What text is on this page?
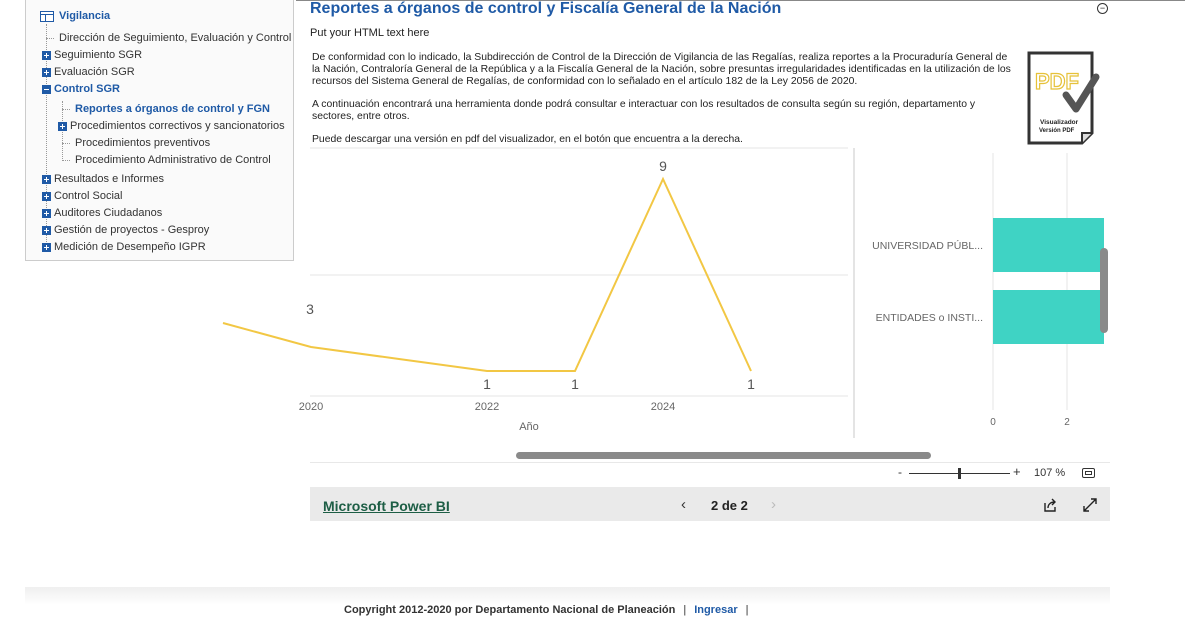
Vigilancia
Dirección de Seguimiento, Evaluación y Control
Seguimiento SGR
Evaluación SGR
Control SGR
Reportes a órganos de control y FGN
Procedimientos correctivos y sancionatorios
Procedimientos preventivos
Procedimiento Administrativo de Control
Resultados e Informes
Control Social
Auditores Ciudadanos
Gestión de proyectos - Gesproy
Medición de Desempeño IGPR
Reportes a órganos de control y Fiscalía General de la Nación	−
Put your HTML text here
De conformidad con lo indicado, la Subdirección de Control de la Dirección de Vigilancia de las Regalías, realiza reportes a la Procuraduría General de la Nación, Contraloría General de la República y a la Fiscalía General de la Nación, sobre presuntas irregularidades identificadas en la utilización de los recursos del Sistema General de Regalías, de conformidad con lo señalado en el artículo 182 de la Ley 2056 de 2020.
A continuación encontrará una herramienta donde podrá consultar e interactuar con los resultados de consulta según su región, departamento y sectores, entre otros.
Puede descargar una versión en pdf del visualizador, en el botón que encuentra a la derecha.
PDF
Visualizador
Versión PDF
3
1	1
9
1
2020	2022	2024
Año
UNIVERSIDAD PÚBL...
ENTIDADES o INSTI...
0	2
-	+ 107 %
Microsoft Power BI	‹ 2 de 2 ›
Copyright 2012-2020 por Departamento Nacional de Planeación | Ingresar |
